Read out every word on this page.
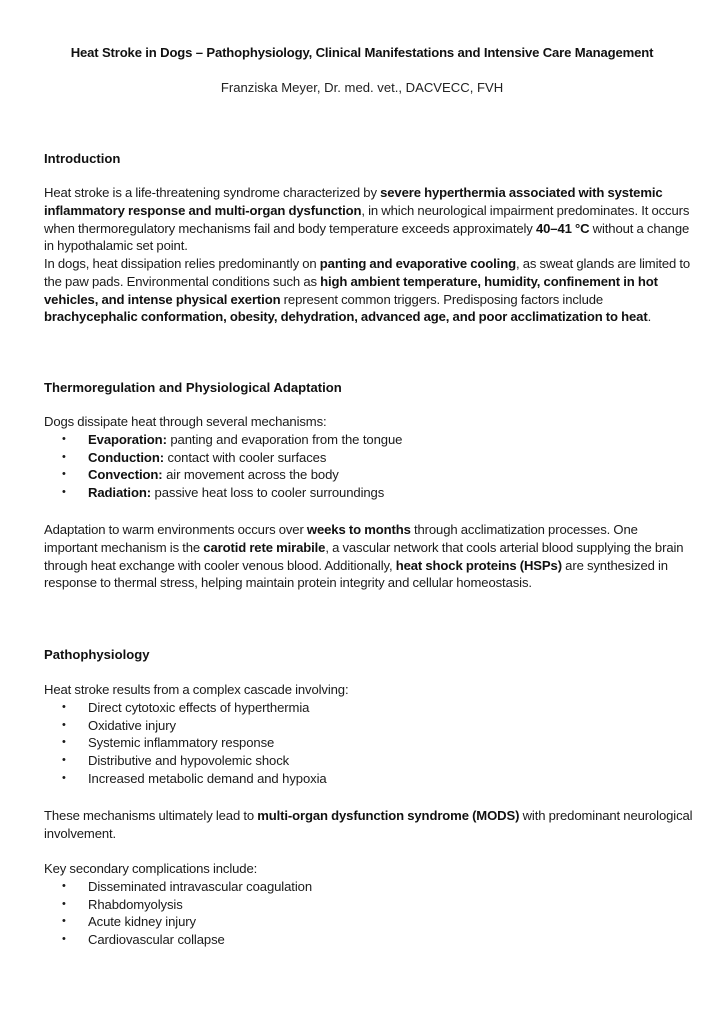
Heat Stroke in Dogs – Pathophysiology, Clinical Manifestations and Intensive Care Management
Franziska Meyer, Dr. med. vet., DACVECC, FVH
Introduction

Heat stroke is a life-threatening syndrome characterized by severe hyperthermia associated with systemic inflammatory response and multi-organ dysfunction, in which neurological impairment predominates. It occurs when thermoregulatory mechanisms fail and body temperature exceeds approximately 40–41 °C without a change in hypothalamic set point.

In dogs, heat dissipation relies predominantly on panting and evaporative cooling, as sweat glands are limited to the paw pads. Environmental conditions such as high ambient temperature, humidity, confinement in hot vehicles, and intense physical exertion represent common triggers. Predisposing factors include brachycephalic conformation, obesity, dehydration, advanced age, and poor acclimatization to heat.

Thermoregulation and Physiological Adaptation

Dogs dissipate heat through several mechanisms:

• Evaporation: panting and evaporation from the tongue
• Conduction: contact with cooler surfaces
• Convection: air movement across the body
• Radiation: passive heat loss to cooler surroundings

Adaptation to warm environments occurs over weeks to months through acclimatization processes. One important mechanism is the carotid rete mirabile, a vascular network that cools arterial blood supplying the brain through heat exchange with cooler venous blood. Additionally, heat shock proteins (HSPs) are synthesized in response to thermal stress, helping maintain protein integrity and cellular homeostasis.

Pathophysiology

Heat stroke results from a complex cascade involving:

• Direct cytotoxic effects of hyperthermia
• Oxidative injury
• Systemic inflammatory response
• Distributive and hypovolemic shock
• Increased metabolic demand and hypoxia

These mechanisms ultimately lead to multi-organ dysfunction syndrome (MODS) with predominant neurological involvement.

Key secondary complications include:

• Disseminated intravascular coagulation
• Rhabdomyolysis
• Acute kidney injury
• Cardiovascular collapse
